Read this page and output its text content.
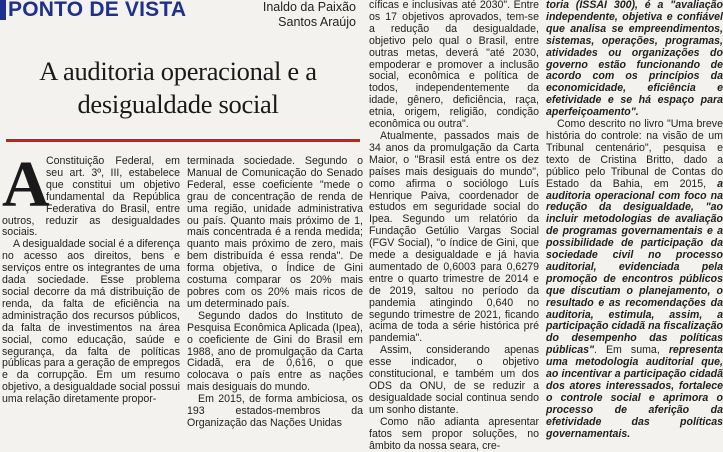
PONTO DE VISTA	Inaldo da Paixão
Santos Araújo
A auditoria operacional e a
desigualdade social

A
Constituição Federal, em seu art. 3º, III, estabelece que constitui um objetivo fundamental da República Federativa do Brasil, entre outros, reduzir as desigualdades sociais.

A desigualdade social é a diferença no acesso aos direitos, bens e serviços entre os integrantes de uma dada sociedade. Esse problema social decorre da má distribuição de renda, da falta de eficiência na administração dos recursos públicos, da falta de investimentos na área social, como educação, saúde e segurança, da falta de políticas públicas para a geração de empregos e da corrupção. Em um resumo objetivo, a desigualdade social possui uma relação diretamente propor-

terminada sociedade. Segundo o Manual de Comunicação do Senado Federal, esse coeficiente "mede o grau de concentração de renda de uma região, unidade administrativa ou país. Quanto mais próximo de 1, mais concentrada é a renda medida; quanto mais próximo de zero, mais bem distribuída é essa renda". De forma objetiva, o Índice de Gini costuma comparar os 20% mais pobres com os 20% mais ricos de um determinado país.

Segundo dados do Instituto de Pesquisa Econômica Aplicada (Ipea), o coeficiente de Gini do Brasil em 1988, ano de promulgação da Carta Cidadã, era de 0,616, o que colocava o país entre as nações mais desiguais do mundo.

Em 2015, de forma ambiciosa, os 193 estados-membros da Organização das Nações Unidas

cíficas e inclusivas até 2030". Entre os 17 objetivos aprovados, tem-se a redução da desigualdade, objetivo pelo qual o Brasil, entre outras metas, deverá "até 2030, empoderar e promover a inclusão social, econômica e política de todos, independentemente da idade, gênero, deficiência, raça, etnia, origem, religião, condição econômica ou outra".

Atualmente, passados mais de 34 anos da promulgação da Carta Maior, o "Brasil está entre os dez países mais desiguais do mundo", como afirma o sociólogo Luís Henrique Paiva, coordenador de estudos em seguridade social do Ipea. Segundo um relatório da Fundação Getúlio Vargas Social (FGV Social), "o índice de Gini, que mede a desigualdade e já havia aumentado de 0,6003 para 0,6279 entre o quarto trimestre de 2014 e de 2019, saltou no período da pandemia atingindo 0,640 no segundo trimestre de 2021, ficando acima de toda a série histórica pré pandemia".

Assim, considerando apenas esse indicador, o objetivo constitucional, e também um dos ODS da ONU, de se reduzir a desigualdade social continua sendo um sonho distante.

Como não adianta apresentar fatos sem propor soluções, no âmbito da nossa seara, cre-

toria (ISSAI 300), é a "avaliação independente, objetiva e confiável que analisa se empreendimentos, sistemas, operações, programas, atividades ou organizações do governo estão funcionando de acordo com os princípios da economicidade, eficiência e efetividade e se há espaço para aperfeiçoamento".

Como descrito no livro "Uma breve história do controle: na visão de um Tribunal centenário", pesquisa e texto de Cristina Britto, dado a público pelo Tribunal de Contas do Estado da Bahia, em 2015, a auditoria operacional com foco na redução da desigualdade, "ao incluir metodologias de avaliação de programas governamentais e a possibilidade de participação da sociedade civil no processo auditorial, evidenciada pela promoção de encontros públicos que discutiam o planejamento, o resultado e as recomendações da auditoria, estimula, assim, a participação cidadã na fiscalização do desempenho das políticas públicas". Em suma, representa uma metodologia auditorial que, ao incentivar a participação cidadã dos atores interessados, fortalece o controle social e aprimora o processo de aferição da efetividade das políticas governamentais.
